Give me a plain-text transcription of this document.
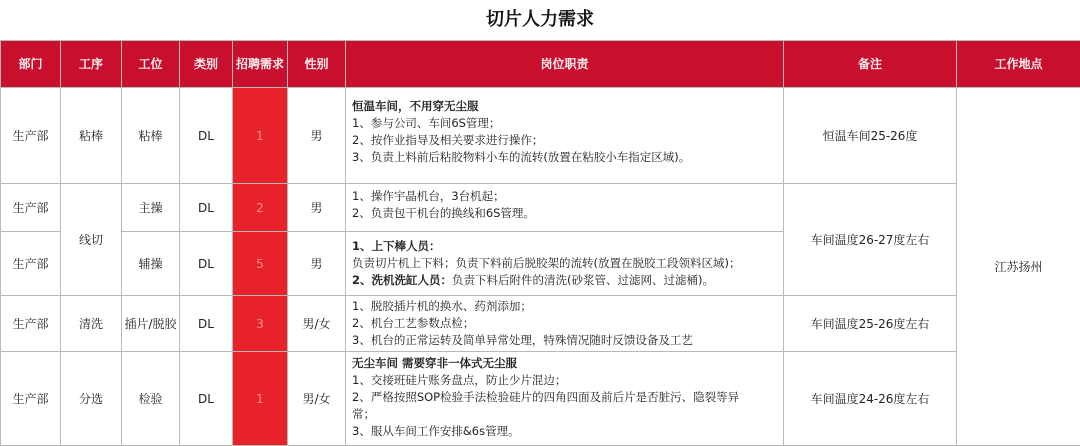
切片人力需求
部门	工序	工位	类别	招聘需求	性别	岗位职责	备注	工作地点
生产部	粘棒	粘棒	DL	1	男	恒温车间，不用穿无尘服
1、参与公司、车间6S管理；
2、按作业指导及相关要求进行操作；
3、负责上料前后粘胶物料小车的流转(放置在粘胶小车指定区域)。	恒温车间25-26度	江苏扬州
生产部	线切	主操	DL	2	男	1、操作宇晶机台，3台机起；
2、负责包干机台的换线和6S管理。	车间温度26-27度左右	
生产部		辅操	DL	5	男	1、上下棒人员：
负责切片机上下料；负责下料前后脱胶架的流转(放置在脱胶工段领料区域)；
2、洗机洗缸人员：负责下料后附件的清洗(砂浆管、过滤网、过滤桶)。		

生产部	清洗	插片/脱胶	DL	3	男/女	1、脱胶插片机的换水、药剂添加；
2、机台工艺参数点检；
3、机台的正常运转及简单异常处理，特殊情况随时反馈设备及工艺	车间温度25-26度左右	
生产部	分选	检验	DL	1	男/女	无尘车间 需要穿非一体式无尘服
1、交接班硅片账务盘点，防止少片混边；
2、严格按照SOP检验手法检验硅片的四角四面及前后片是否脏污、隐裂等异
常；
3、服从车间工作安排&6s管理。	车间温度24-26度左右	
